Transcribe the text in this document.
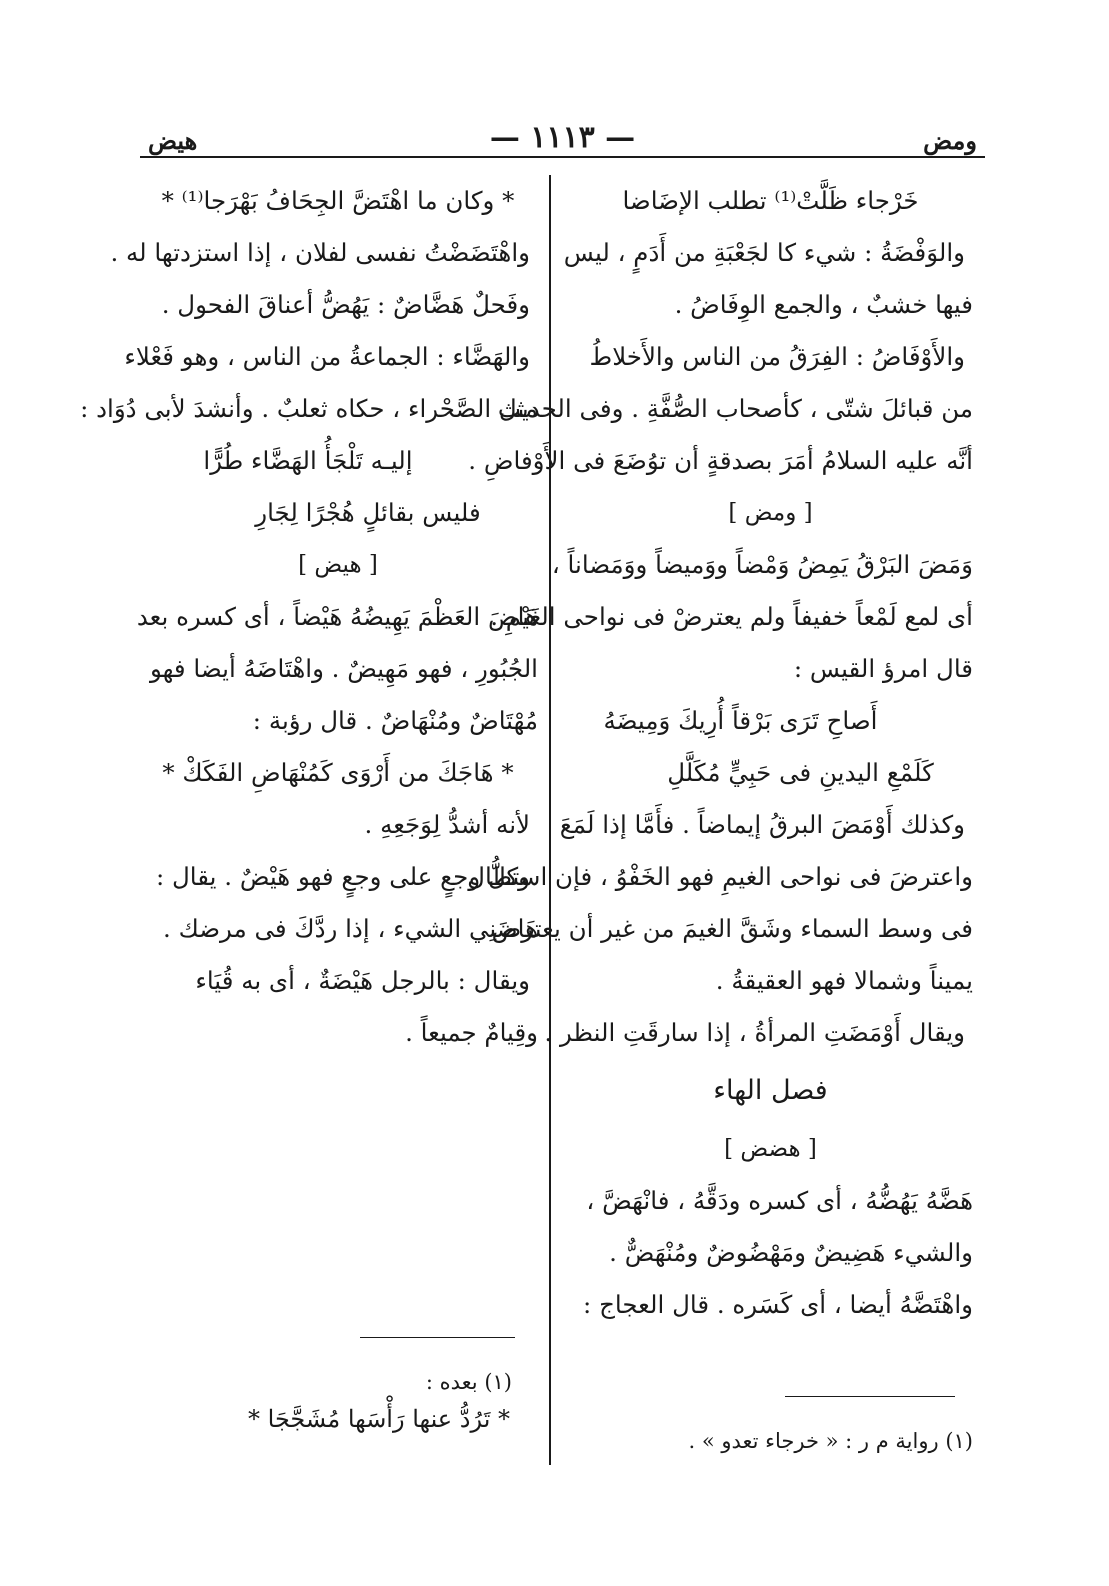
ومض
— ١١١٣ —
هيض
خَرْجاء ظَلَّتْ⁽¹⁾ تطلب الإضَاضا
والوَفْضَةُ : شيء كا لجَعْبَةِ من أَدَمٍ ، ليس
فيها خشبٌ ، والجمع الوِفَاضُ .
والأَوْفَاضُ : الفِرَقُ من الناس والأَخلاطُ
من قبائلَ شتّى ، كأصحاب الصُّفَّةِ . وفى الحديث
أنَّه عليه السلامُ أمَرَ بصدقةٍ أن توُضَعَ فى الأَوْفاضِ .
[ ومض ]
وَمَضَ البَرْقُ يَمِضُ وَمْضاً ووَميضاً ووَمَضاناً ،
أى لمع لَمْعاً خفيفاً ولم يعترضْ فى نواحى الغَيْمِ .
قال امرؤ القيس :
أَصاحِ تَرَى بَرْقاً أُرِيكَ وَمِيضَهُ
كَلَمْعِ اليدينِ فى حَبِيٍّ مُكَلَّلِ
وكذلك أَوْمَضَ البرقُ إيماضاً . فأَمَّا إذا لَمَعَ
واعترضَ فى نواحى الغيمِ فهو الخَفْوُ ، فإن استطال
فى وسط السماء وشَقَّ الغيمَ من غير أن يعترض
يميناً وشمالا فهو العقيقةُ .
ويقال أَوْمَضَتِ المرأةُ ، إذا سارقَتِ النظر .
فصل الهاء
[ هضض ]
هَضَّهُ يَهُضُّهُ ، أى كسره ودَقَّهُ ، فانْهَضَّ ،
والشيء هَضِيضٌ ومَهْضُوضٌ ومُنْهَضٌّ .
واهْتَضَّهُ أيضا ، أى كَسَره . قال العجاج :
* وكان ما اهْتَضَّ الجِحَافُ بَهْرَجا⁽¹⁾ *
واهْتَضَضْتُ نفسى لفلان ، إذا استزدتها له .
وفَحلٌ هَضَّاضٌ : يَهُضُّ أعناقَ الفحول .
والهَضَّاء : الجماعةُ من الناس ، وهو فَعْلاء
مثل الصَّحْراء ، حكاه ثعلبٌ . وأنشدَ لأبى دُوَاد :
إليـه تَلْجَأُ الهَضَّاء طُرًّا
فليس بقائلٍ هُجْرًا لِجَارِ
[ هيض ]
هَاضَ العَظْمَ يَهِيضُهُ هَيْضاً ، أى كسره بعد
الجُبُورِ ، فهو مَهِيضٌ . واهْتَاضَهُ أيضا فهو
مُهْتَاضٌ ومُنْهَاضٌ . قال رؤبة :
* هَاجَكَ من أَرْوَى كَمُنْهَاضِ الفَكَكْ *
لأنه أشدُّ لِوَجَعِهِ .
وكلُّ وجعٍ على وجعٍ فهو هَيْضٌ . يقال :
هَاضَنِي الشيء ، إذا ردَّكَ فى مرضك .
ويقال : بالرجل هَيْضَةٌ ، أى به قُيَاء
وقِيامٌ جميعاً .
(١) رواية م ر : « خرجاء تعدو » .
(١) بعده :
* تَرُدُّ عنها رَأْسَها مُشَجَّجَا *
